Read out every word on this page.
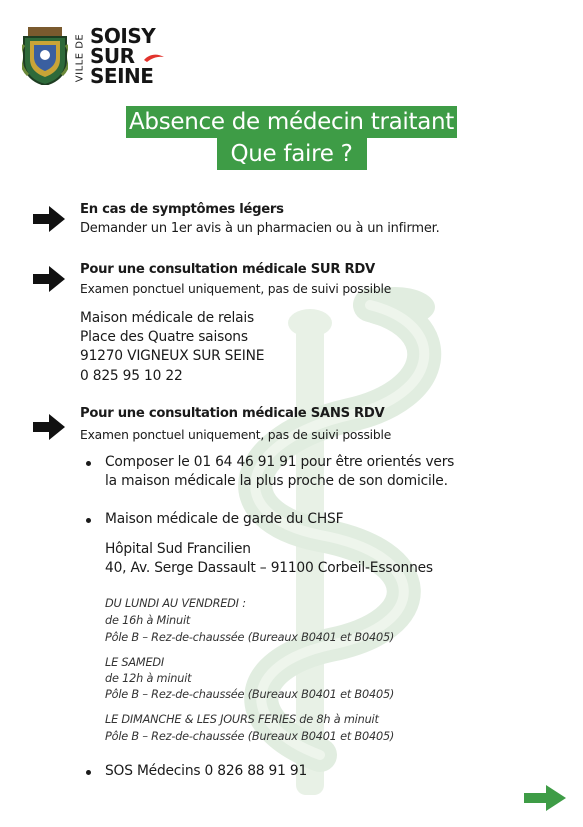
VILLE DE SOISY
SUR
SEINE
Absence de médecin traitant
Que faire ?
En cas de symptômes légers
Demander un 1er avis à un pharmacien ou à un infirmer.
Pour une consultation médicale SUR RDV
Examen ponctuel uniquement, pas de suivi possible
Maison médicale de relais
Place des Quatre saisons
91270 VIGNEUX SUR SEINE
0 825 95 10 22
Pour une consultation médicale SANS RDV
Examen ponctuel uniquement, pas de suivi possible
Composer le 01 64 46 91 91 pour être orientés vers
la maison médicale la plus proche de son domicile.
Maison médicale de garde du CHSF
Hôpital Sud Francilien
40, Av. Serge Dassault – 91100 Corbeil-Essonnes
DU LUNDI AU VENDREDI :
de 16h à Minuit
Pôle B – Rez-de-chaussée (Bureaux B0401 et B0405)
LE SAMEDI
de 12h à minuit
Pôle B – Rez-de-chaussée (Bureaux B0401 et B0405)
LE DIMANCHE & LES JOURS FERIES de 8h à minuit
Pôle B – Rez-de-chaussée (Bureaux B0401 et B0405)
SOS Médecins 0 826 88 91 91
